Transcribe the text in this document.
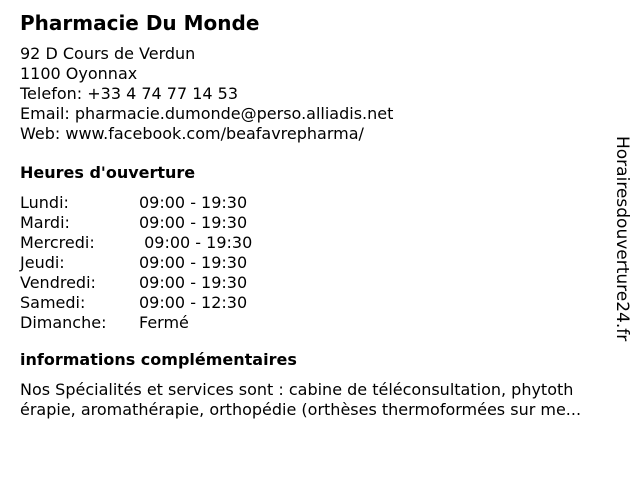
Pharmacie Du Monde
92 D Cours de Verdun
1100 Oyonnax
Telefon: +33 4 74 77 14 53
Email: pharmacie.dumonde@perso.alliadis.net
Web: www.facebook.com/beafavrepharma/
Heures d'ouverture
Lundi:	09:00 - 19:30
Mardi:	09:00 - 19:30
Mercredi:	09:00 - 19:30
Jeudi:	09:00 - 19:30
Vendredi:	09:00 - 19:30
Samedi:	09:00 - 12:30
Dimanche:	Fermé
informations complémentaires
Nos Spécialités et services sont : cabine de téléconsultation, phytoth
érapie, aromathérapie, orthopédie (orthèses thermoformées sur me...
Horairesdouverture24.fr
